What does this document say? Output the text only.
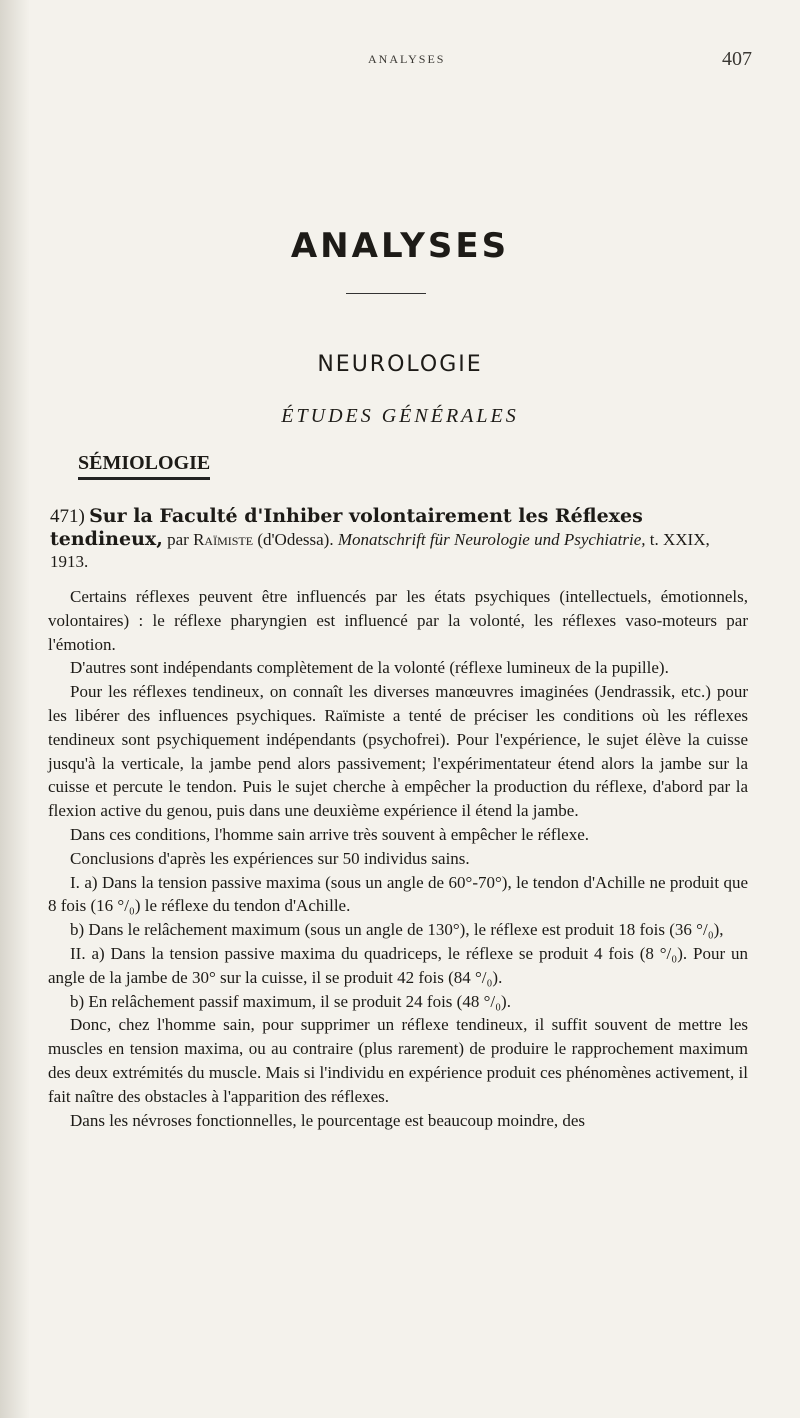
ANALYSES	407
ANALYSES
NEUROLOGIE
ÉTUDES GÉNÉRALES
SÉMIOLOGIE
471) Sur la Faculté d'Inhiber volontairement les Réflexes tendineux, par Raïmiste (d'Odessa). Monatschrift für Neurologie und Psychiatrie, t. XXIX, 1913.

Certains réflexes peuvent être influencés par les états psychiques (intellectuels, émotionnels, volontaires) : le réflexe pharyngien est influencé par la volonté, les réflexes vaso-moteurs par l'émotion.

D'autres sont indépendants complètement de la volonté (réflexe lumineux de la pupille).

Pour les réflexes tendineux, on connaît les diverses manœuvres imaginées (Jendrassik, etc.) pour les libérer des influences psychiques. Raïmiste a tenté de préciser les conditions où les réflexes tendineux sont psychiquement indépendants (psychofrei). Pour l'expérience, le sujet élève la cuisse jusqu'à la verticale, la jambe pend alors passivement; l'expérimentateur étend alors la jambe sur la cuisse et percute le tendon. Puis le sujet cherche à empêcher la production du réflexe, d'abord par la flexion active du genou, puis dans une deuxième expérience il étend la jambe.

Dans ces conditions, l'homme sain arrive très souvent à empêcher le réflexe.

Conclusions d'après les expériences sur 50 individus sains.

I. a) Dans la tension passive maxima (sous un angle de 60°-70°), le tendon d'Achille ne produit que 8 fois (16 °/₀) le réflexe du tendon d'Achille.

b) Dans le relâchement maximum (sous un angle de 130°), le réflexe est produit 18 fois (36 °/₀),

II. a) Dans la tension passive maxima du quadriceps, le réflexe se produit 4 fois (8 °/₀). Pour un angle de la jambe de 30° sur la cuisse, il se produit 42 fois (84 °/₀).

b) En relâchement passif maximum, il se produit 24 fois (48 °/₀).

Donc, chez l'homme sain, pour supprimer un réflexe tendineux, il suffit souvent de mettre les muscles en tension maxima, ou au contraire (plus rarement) de produire le rapprochement maximum des deux extrémités du muscle. Mais si l'individu en expérience produit ces phénomènes activement, il fait naître des obstacles à l'apparition des réflexes.

Dans les névroses fonctionnelles, le pourcentage est beaucoup moindre, des
